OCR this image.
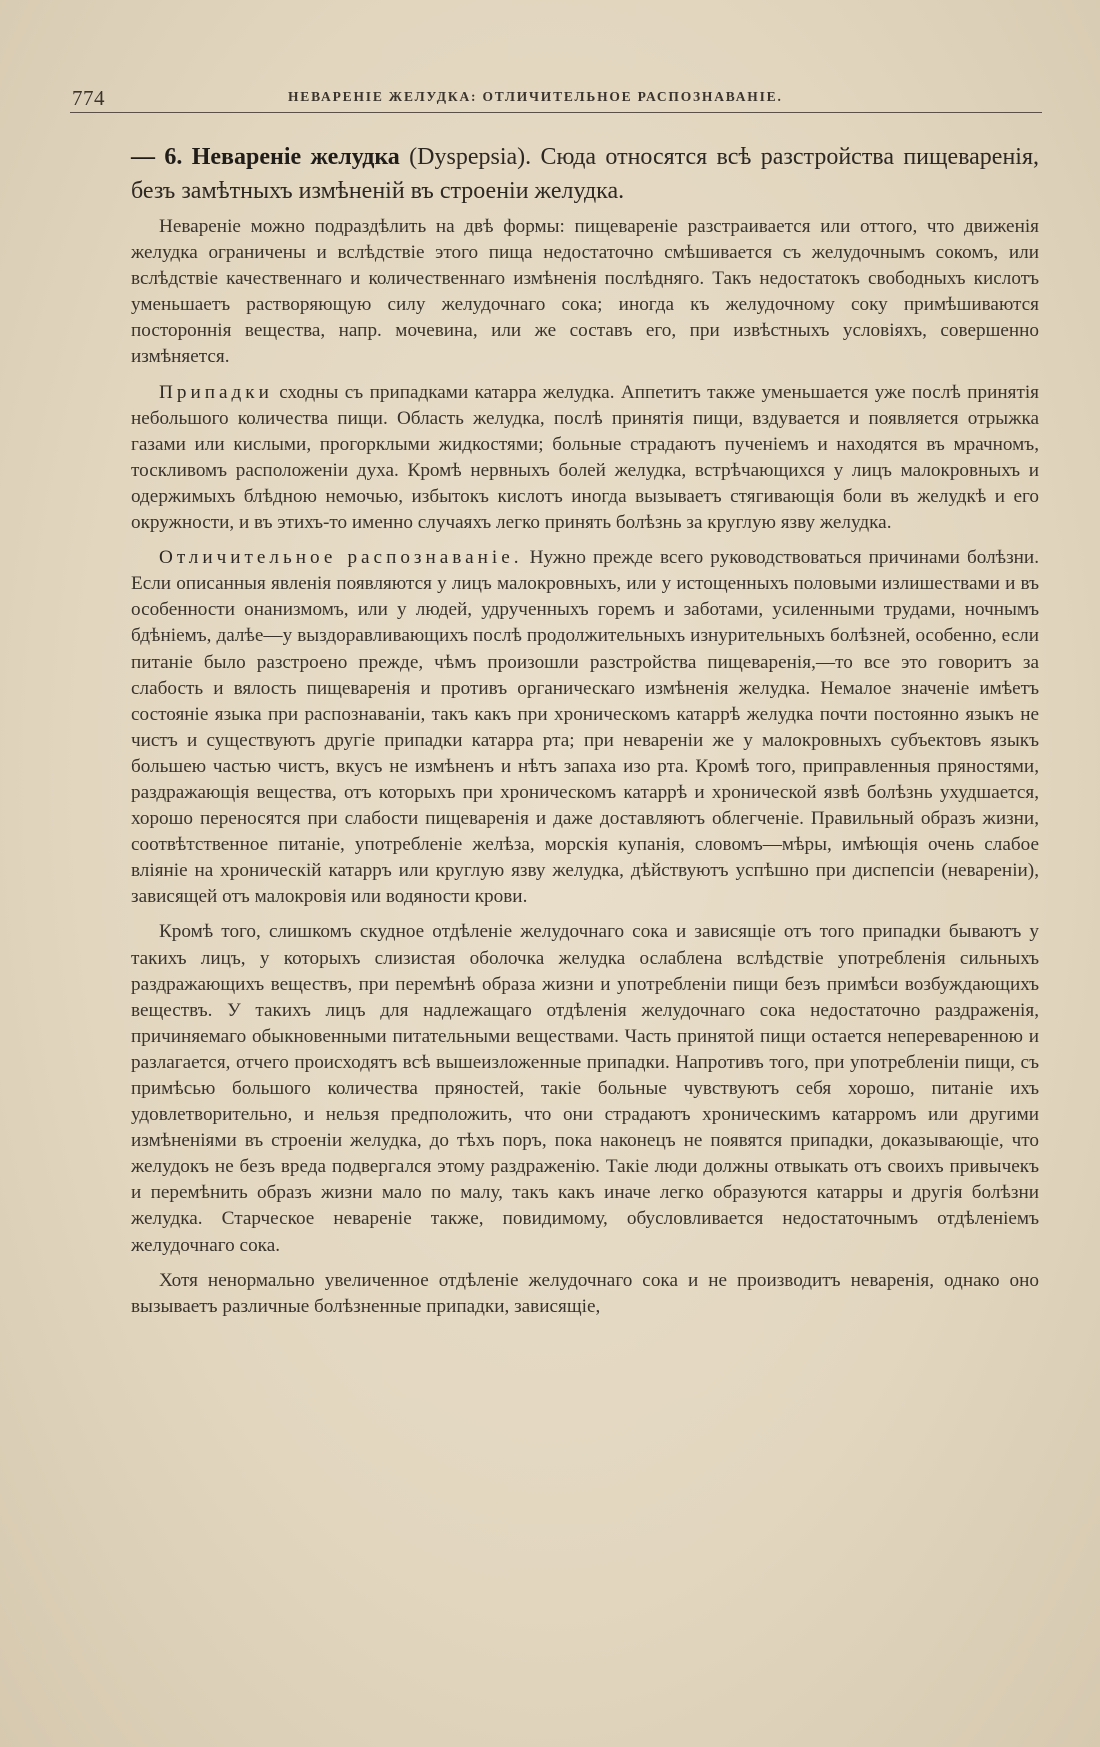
774	НЕВАРЕНІЕ ЖЕЛУДКА: ОТЛИЧИТЕЛЬНОЕ РАСПОЗНАВАНІЕ.
— 6. Невареніе желудка (Dyspepsia). Сюда относятся всѣ разстройства пищеваренія, безъ замѣтныхъ измѣненій въ строеніи желудка.

Невареніе можно подраздѣлить на двѣ формы: пищевареніе разстраивается или оттого, что движенія желудка ограничены и вслѣдствіе этого пища недостаточно смѣшивается съ желудочнымъ сокомъ, или вслѣдствіе качественнаго и количественнаго измѣненія послѣдняго. Такъ недостатокъ свободныхъ кислотъ уменьшаетъ растворяющую силу желудочнаго сока; иногда къ желудочному соку примѣшиваются постороннія вещества, напр. мочевина, или же составъ его, при извѣстныхъ условіяхъ, совершенно измѣняется.

Припадки сходны съ припадками катарра желудка. Аппетитъ также уменьшается уже послѣ принятія небольшого количества пищи. Область желудка, послѣ принятія пищи, вздувается и появляется отрыжка газами или кислыми, прогорклыми жидкостями; больные страдаютъ пученіемъ и находятся въ мрачномъ, тоскливомъ расположеніи духа. Кромѣ нервныхъ болей желудка, встрѣчающихся у лицъ малокровныхъ и одержимыхъ блѣдною немочью, избытокъ кислотъ иногда вызываетъ стягивающія боли въ желудкѣ и его окружности, и въ этихъ-то именно случаяхъ легко принять болѣзнь за круглую язву желудка.

Отличительное распознаваніе. Нужно прежде всего руководствоваться причинами болѣзни. Если описанныя явленія появляются у лицъ малокровныхъ, или у истощенныхъ половыми излишествами и въ особенности онанизмомъ, или у людей, удрученныхъ горемъ и заботами, усиленными трудами, ночнымъ бдѣніемъ, далѣе—у выздоравливающихъ послѣ продолжительныхъ изнурительныхъ болѣзней, особенно, если питаніе было разстроено прежде, чѣмъ произошли разстройства пищеваренія,—то все это говоритъ за слабость и вялость пищеваренія и противъ органическаго измѣненія желудка. Немалое значеніе имѣетъ состояніе языка при распознаваніи, такъ какъ при хроническомъ катаррѣ желудка почти постоянно языкъ не чистъ и существуютъ другіе припадки катарра рта; при невареніи же у малокровныхъ субъектовъ языкъ большею частью чистъ, вкусъ не измѣненъ и нѣтъ запаха изо рта. Кромѣ того, приправленныя пряностями, раздражающія вещества, отъ которыхъ при хроническомъ катаррѣ и хронической язвѣ болѣзнь ухудшается, хорошо переносятся при слабости пищеваренія и даже доставляютъ облегченіе. Правильный образъ жизни, соотвѣтственное питаніе, употребленіе желѣза, морскія купанія, словомъ—мѣры, имѣющія очень слабое вліяніе на хроническій катарръ или круглую язву желудка, дѣйствуютъ успѣшно при диспепсіи (невареніи), зависящей отъ малокровія или водяности крови.

Кромѣ того, слишкомъ скудное отдѣленіе желудочнаго сока и зависящіе отъ того припадки бываютъ у такихъ лицъ, у которыхъ слизистая оболочка желудка ослаблена вслѣдствіе употребленія сильныхъ раздражающихъ веществъ, при перемѣнѣ образа жизни и употребленіи пищи безъ примѣси возбуждающихъ веществъ. У такихъ лицъ для надлежащаго отдѣленія желудочнаго сока недостаточно раздраженія, причиняемаго обыкновенными питательными веществами. Часть принятой пищи остается непереваренною и разлагается, отчего происходятъ всѣ вышеизложенные припадки. Напротивъ того, при употребленіи пищи, съ примѣсью большого количества пряностей, такіе больные чувствуютъ себя хорошо, питаніе ихъ удовлетворительно, и нельзя предположить, что они страдаютъ хроническимъ катарромъ или другими измѣненіями въ строеніи желудка, до тѣхъ поръ, пока наконецъ не появятся припадки, доказывающіе, что желудокъ не безъ вреда подвергался этому раздраженію. Такіе люди должны отвыкать отъ своихъ привычекъ и перемѣнить образъ жизни мало по малу, такъ какъ иначе легко образуются катарры и другія болѣзни желудка. Старческое невареніе также, повидимому, обусловливается недостаточнымъ отдѣленіемъ желудочнаго сока.

Хотя ненормально увеличенное отдѣленіе желудочнаго сока и не производитъ неваренія, однако оно вызываетъ различные болѣзненные припадки, зависящіе,
